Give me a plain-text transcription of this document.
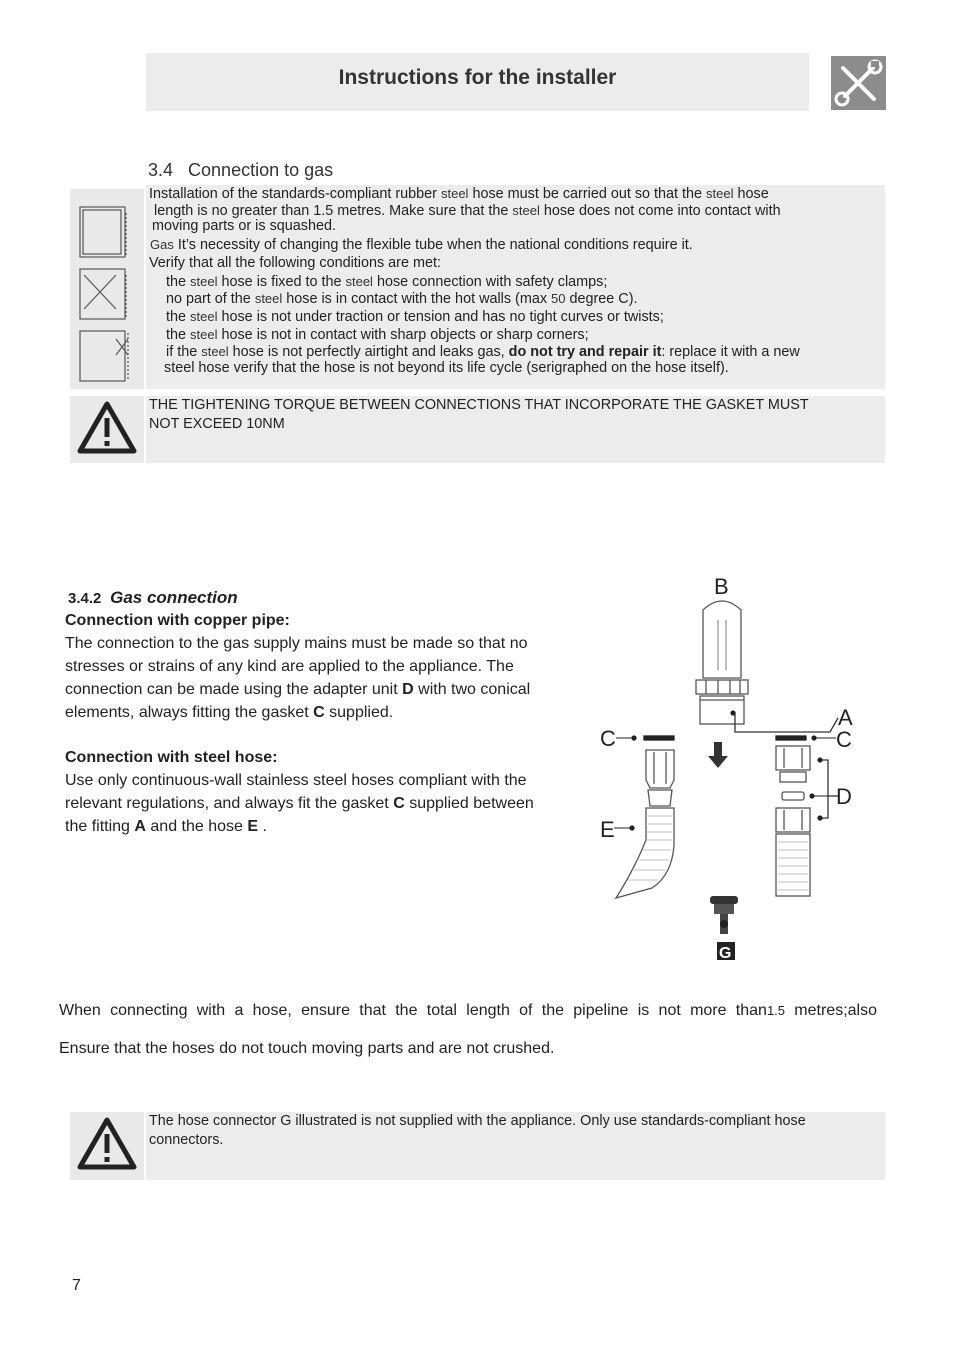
Instructions for the installer
3.4 Connection to gas
Installation of the standards-compliant rubber steel hose must be carried out so that the steel hose
length is no greater than 1.5 metres. Make sure that the steel hose does not come into contact with
moving parts or is squashed.
Gas It’s necessity of changing the flexible tube when the national conditions require it.
Verify that all the following conditions are met:
the steel hose is fixed to the steel hose connection with safety clamps;
no part of the steel hose is in contact with the hot walls (max 50 degree C).
the steel hose is not under traction or tension and has no tight curves or twists;
the steel hose is not in contact with sharp objects or sharp corners;
if the steel hose is not perfectly airtight and leaks gas, do not try and repair it: replace it with a new
steel hose verify that the hose is not beyond its life cycle (serigraphed on the hose itself).
THE TIGHTENING TORQUE BETWEEN CONNECTIONS THAT INCORPORATE THE GASKET MUST
NOT EXCEED 10NM
3.4.2 Gas connection
Connection with copper pipe:
The connection to the gas supply mains must be made so that no
stresses or strains of any kind are applied to the appliance. The
connection can be made using the adapter unit D with two conical
elements, always fitting the gasket C supplied.
Connection with steel hose:
Use only continuous-wall stainless steel hoses compliant with the
relevant regulations, and always fit the gasket C supplied between
the fitting A and the hose E .
B
A
C	C
D
E
G
When connecting with a hose, ensure that the total length of the pipeline is not more than1.5 metres;also
Ensure that the hoses do not touch moving parts and are not crushed.
The hose connector G illustrated is not supplied with the appliance. Only use standards-compliant hose
connectors.
7
